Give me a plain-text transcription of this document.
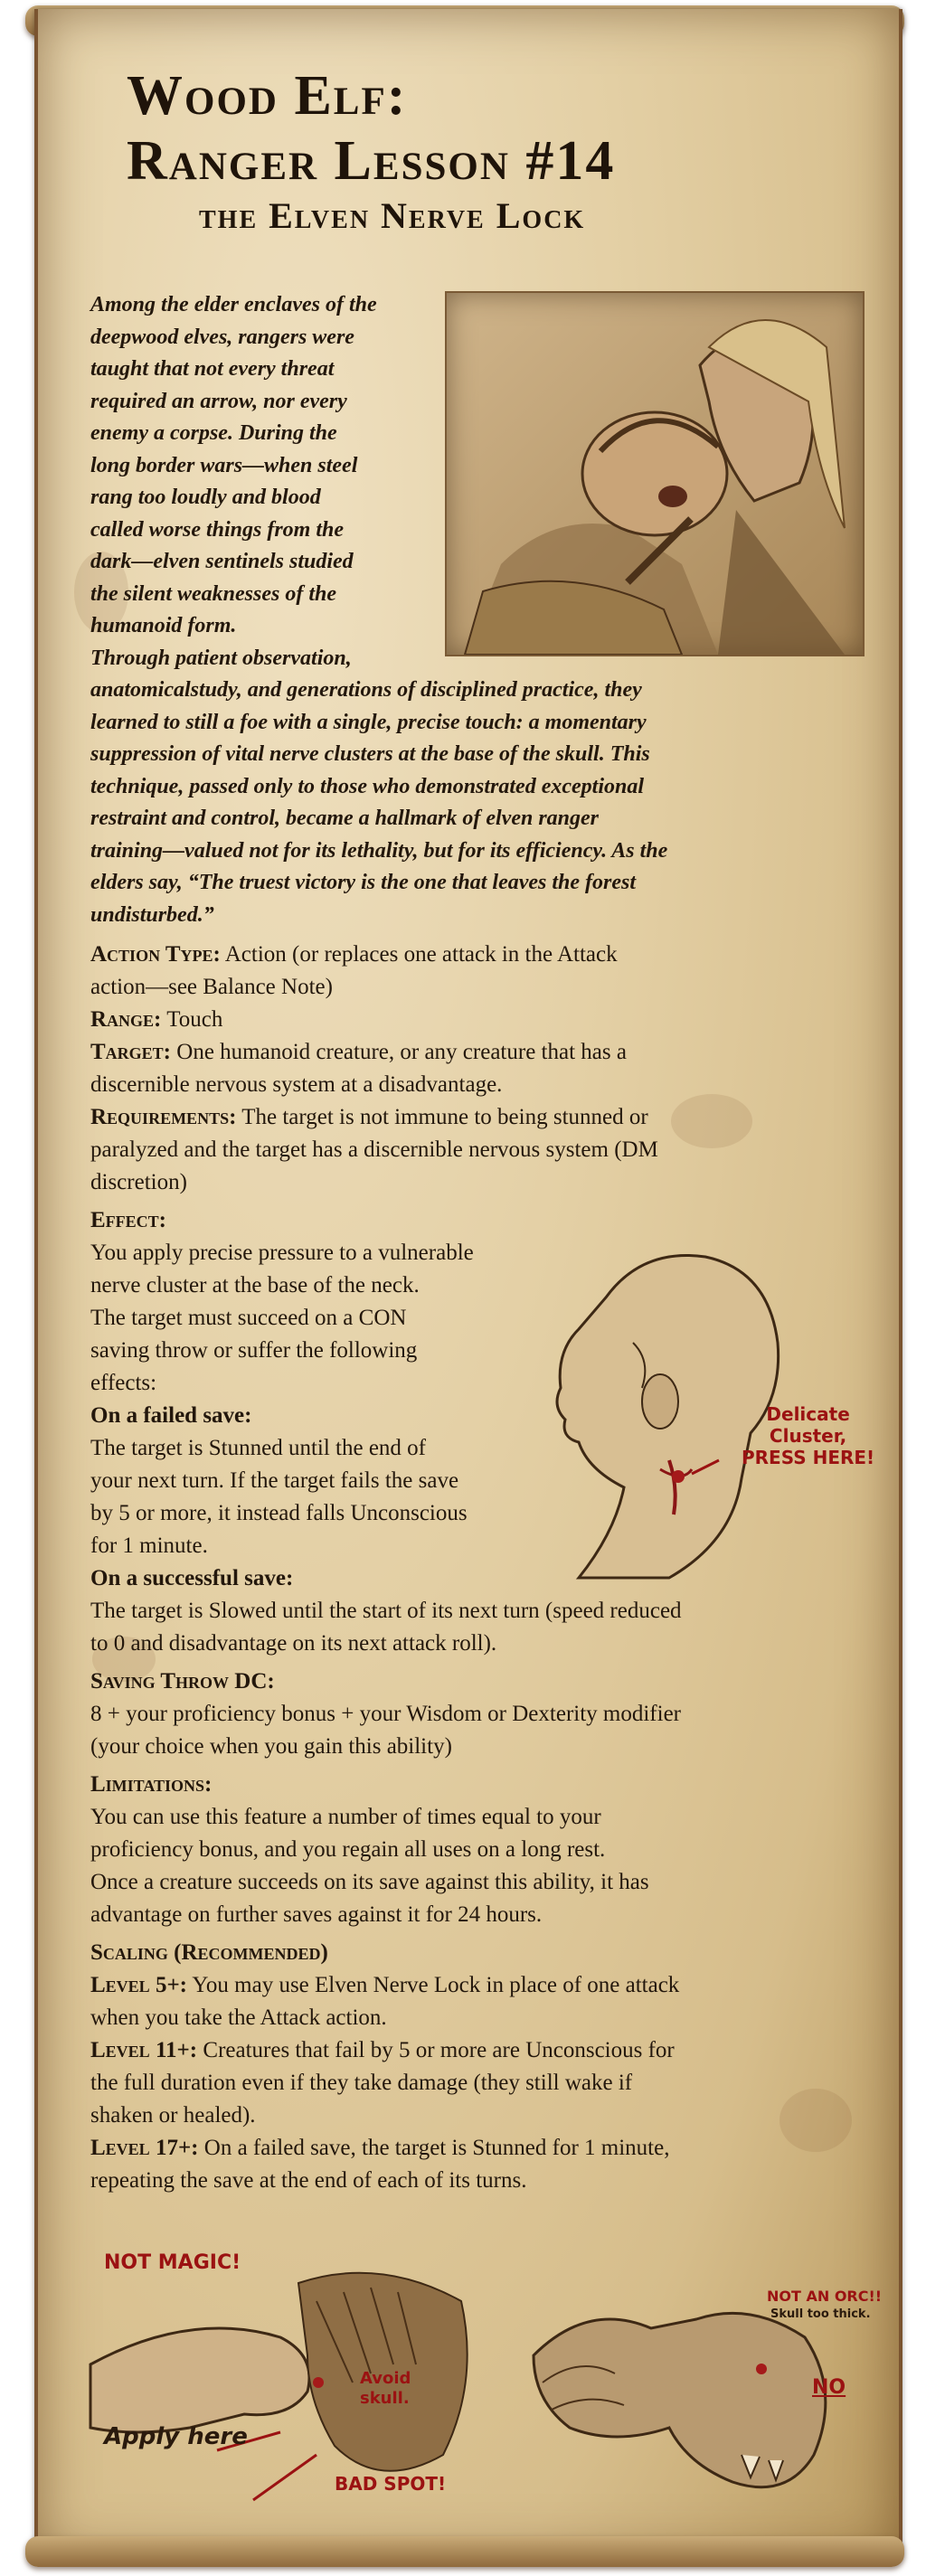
Wood Elf:
Ranger Lesson #14
the Elven Nerve Lock
Among the elder enclaves of the
deepwood elves, rangers were
taught that not every threat
required an arrow, nor every
enemy a corpse. During the
long border wars—when steel
rang too loudly and blood
called worse things from the
dark—elven sentinels studied
the silent weaknesses of the
humanoid form.
Through patient observation,
anatomicalstudy, and generations of disciplined practice, they
learned to still a foe with a single, precise touch: a momentary
suppression of vital nerve clusters at the base of the skull. This
technique, passed only to those who demonstrated exceptional
restraint and control, became a hallmark of elven ranger
training—valued not for its lethality, but for its efficiency. As the
elders say, “The truest victory is the one that leaves the forest
undisturbed.”
Delicate
Cluster,
PRESS HERE!

Action Type: Action (or replaces one attack in the Attack

action—see Balance Note)

Range: Touch

Target: One humanoid creature, or any creature that has a

discernible nervous system at a disadvantage.

Requirements: The target is not immune to being stunned or

paralyzed and the target has a discernible nervous system (DM

discretion)

Effect:

You apply precise pressure to a vulnerable

nerve cluster at the base of the neck.

The target must succeed on a CON

saving throw or suffer the following

effects:

On a failed save:

The target is Stunned until the end of

your next turn. If the target fails the save

by 5 or more, it instead falls Unconscious

for 1 minute.

On a successful save:

The target is Slowed until the start of its next turn (speed reduced

to 0 and disadvantage on its next attack roll).

Saving Throw DC:

8 + your proficiency bonus + your Wisdom or Dexterity modifier

(your choice when you gain this ability)

Limitations:

You can use this feature a number of times equal to your

proficiency bonus, and you regain all uses on a long rest.

Once a creature succeeds on its save against this ability, it has

advantage on further saves against it for 24 hours.

Scaling (Recommended)

Level 5+: You may use Elven Nerve Lock in place of one attack

when you take the Attack action.

Level 11+: Creatures that fail by 5 or more are Unconscious for

the full duration even if they take damage (they still wake if

shaken or healed).

Level 17+: On a failed save, the target is Stunned for 1 minute,

repeating the save at the end of each of its turns.

NOT MAGIC!
Avoid
skull.
Apply here
BAD SPOT!
NOT AN ORC!!
Skull too thick.
NO
